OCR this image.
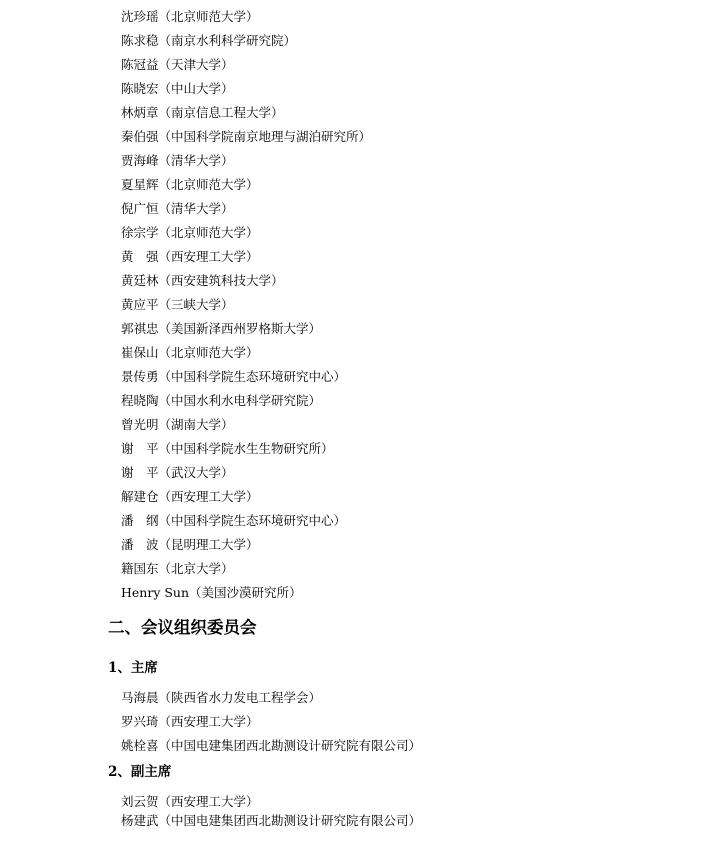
沈珍瑶 （ 北京师范大学 ）
陈求稳 （ 南京水利科学研究院 ）
陈冠益 （ 天津大学 ）
陈晓宏 （ 中山大学 ）
林炳章 （ 南京信息工程大学 ）
秦伯强 （ 中国科学院南京地理与湖泊研究所 ）
贾海峰 （ 清华大学 ）
夏星辉 （ 北京师范大学 ）
倪广恒 （ 清华大学 ）
徐宗学 （ 北京师范大学 ）
黄　强 （ 西安理工大学 ）
黄廷林 （ 西安建筑科技大学 ）
黄应平 （ 三峡大学 ）
郭祺忠 （ 美国新泽西州罗格斯大学 ）
崔保山 （ 北京师范大学 ）
景传勇 （ 中国科学院生态环境研究中心 ）
程晓陶 （ 中国水利水电科学研究院 ）
曾光明 （ 湖南大学 ）
谢　平 （ 中国科学院水生生物研究所 ）
谢　平 （ 武汉大学 ）
解建仓 （ 西安理工大学 ）
潘　纲 （ 中国科学院生态环境研究中心 ）
潘　波 （ 昆明理工大学 ）
籍国东 （ 北京大学 ）
Henry Sun （ 美国沙漠研究所 ）
二、会议组织委员会
1、主席
马海晨 （ 陕西省水力发电工程学会 ）
罗兴琦 （ 西安理工大学 ）
姚栓喜 （ 中国电建集团西北勘测设计研究院有限公司 ）
2、副主席
刘云贺 （ 西安理工大学 ）
杨建武 （ 中国电建集团西北勘测设计研究院有限公司 ）
